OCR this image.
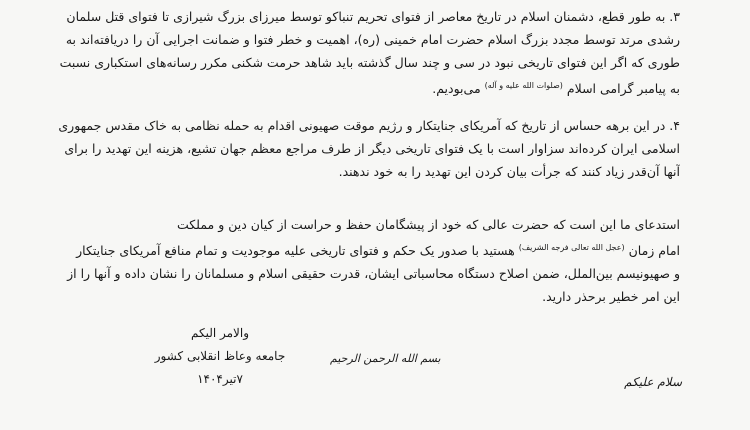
۳. به طور قطع، دشمنان اسلام در تاریخ معاصر از فتوای تحریم تنباکو توسط میرزای بزرگ شیرازی تا فتوای قتل سلمان
رشدی مرتد توسط مجدد بزرگ اسلام حضرت امام خمینی (ره)، اهمیت و خطر فتوا و ضمانت اجرایی آن را دریافته‌اند به
طوری که اگر این فتوای تاریخی نبود در سی و چند سال گذشته باید شاهد حرمت شکنی مکرر رسانه‌های استکباری نسبت
به پیامبر گرامی اسلام $^{(صلوات الله علیه و آله)}$ می‌بودیم.
۴. در این برهه حساس از تاریخ که آمریکای جنایتکار و رژیم موقت صهیونی اقدام به حمله نظامی به خاک مقدس جمهوری
اسلامی ایران کرده‌اند سزاوار است با یک فتوای تاریخی دیگر از طرف مراجع معظم جهان تشیع، هزینه این تهدید را برای
آنها آن‌قدر زیاد کنند که جرأت بیان کردن این تهدید را به خود ندهند.
استدعای ما این است که حضرت عالی که خود از پیشگامان حفظ و حراست از کیان دین و مملکت
امام زمان $^{(عجل الله تعالی فرجه الشریف)}$ هستید با صدور یک حکم و فتوای تاریخی علیه موجودیت و تمام منافع آمریکای جنایتکار
و صهیونیسم بین‌الملل، ضمن اصلاح دستگاه محاسباتی ایشان، قدرت حقیقی اسلام و مسلمانان را نشان داده و آنها را از
این امر خطیر برحذر دارید.
والامر الیکم
جامعه وعاظ انقلابی کشور
۷تیر۱۴۰۴
بسم الله الرحمن الرحیم
سلام علیکم
